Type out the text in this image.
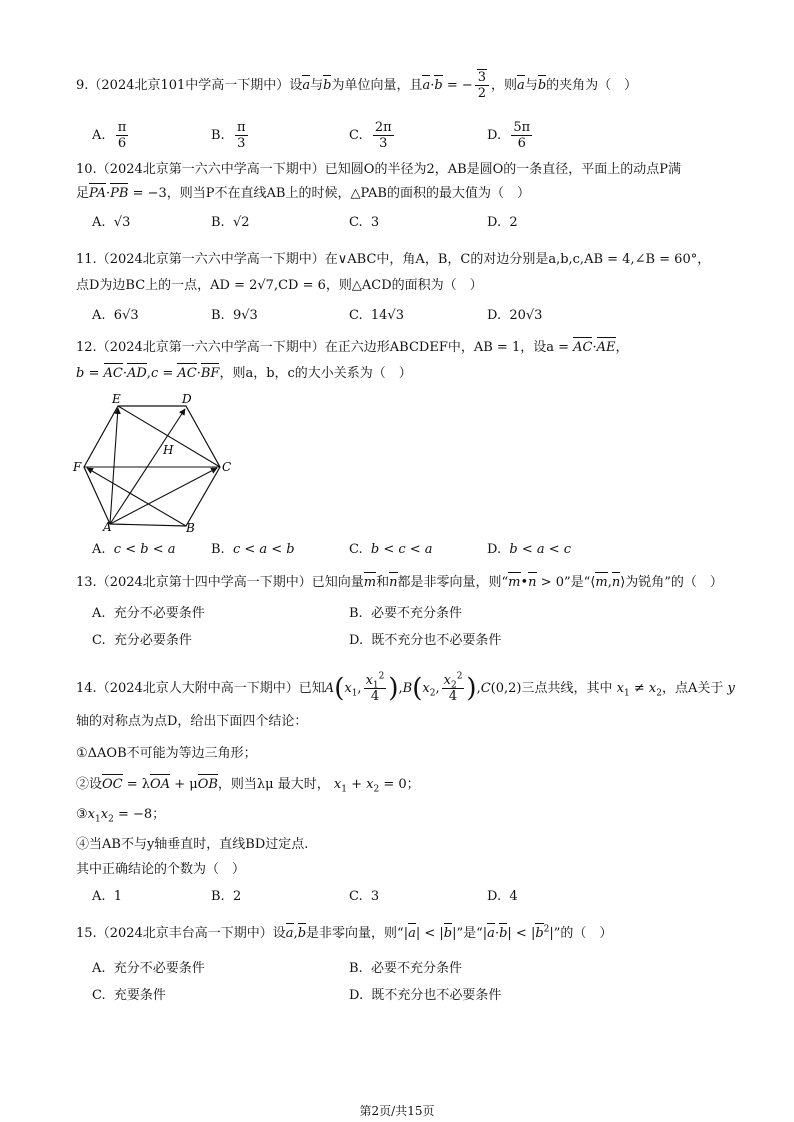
9.（2024北京101中学高一下期中）设a与b为单位向量，且a·b = − $\frac{3}{2}$ ，则a与b的夹角为（　）
A. $\frac{\pi}{6}$	B. $\frac{\pi}{3}$	C. $\frac{2\pi}{3}$	D. $\frac{5\pi}{6}$
10.（2024北京第一六六中学高一下期中）已知圆O的半径为2，AB是圆O的一条直径，平面上的动点P满
足PA·PB = −3，则当P不在直线AB上的时候，△PAB的面积的最大值为（　）
A. √3	B. √2	C. 3	D. 2
11.（2024北京第一六六中学高一下期中）在∨ABC中，角A，B，C的对边分别是a,b,c,AB = 4,∠B = 60°，
点D为边BC上的一点，AD = 2√7,CD = 6，则△ACD的面积为（　）
A. 6√3	B. 9√3	C. 14√3	D. 20√3
12.（2024北京第一六六中学高一下期中）在正六边形ABCDEF中，AB = 1，设a = AC·AE，
b = AC·AD,c = AC·BF，则a，b，c的大小关系为（　）
E	D
F	C
A	B
H
A. c < b < a	B. c < a < b	C. b < c < a	D. b < a < c
13.（2024北京第十四中学高一下期中）已知向量m和n都是非零向量，则“m•n > 0”是“⟨m,n⟩为锐角”的（　）
A. 充分不必要条件	B. 必要不充分条件
C. 充分必要条件	D. 既不充分也不必要条件
14.（2024北京人大附中高一下期中）已知$A(x_1$, $\frac{x_1^2}{4} ),B(x_2$, $\frac{x_2^2}{4} ),C(0,2)$三点共线，其中 $x_1 \ne x_2$，点A关于 y
轴的对称点为点D，给出下面四个结论：
①ΔAOB不可能为等边三角形；
②设OC = λOA + μOB，则当λμ 最大时， $x_1 + x_2 = 0$；
$③x_1x_2 = -8$；
④当AB不与y轴垂直时，直线BD过定点.
其中正确结论的个数为（　）
A. 1	B. 2	C. 3	D. 4
15.（2024北京丰台高一下期中）设a,b是非零向量，则“|a| < |b|”是“$|a\cdot b| < |b^2|$”的（　）
A. 充分不必要条件	B. 必要不充分条件
C. 充要条件	D. 既不充分也不必要条件
第2页/共15页
